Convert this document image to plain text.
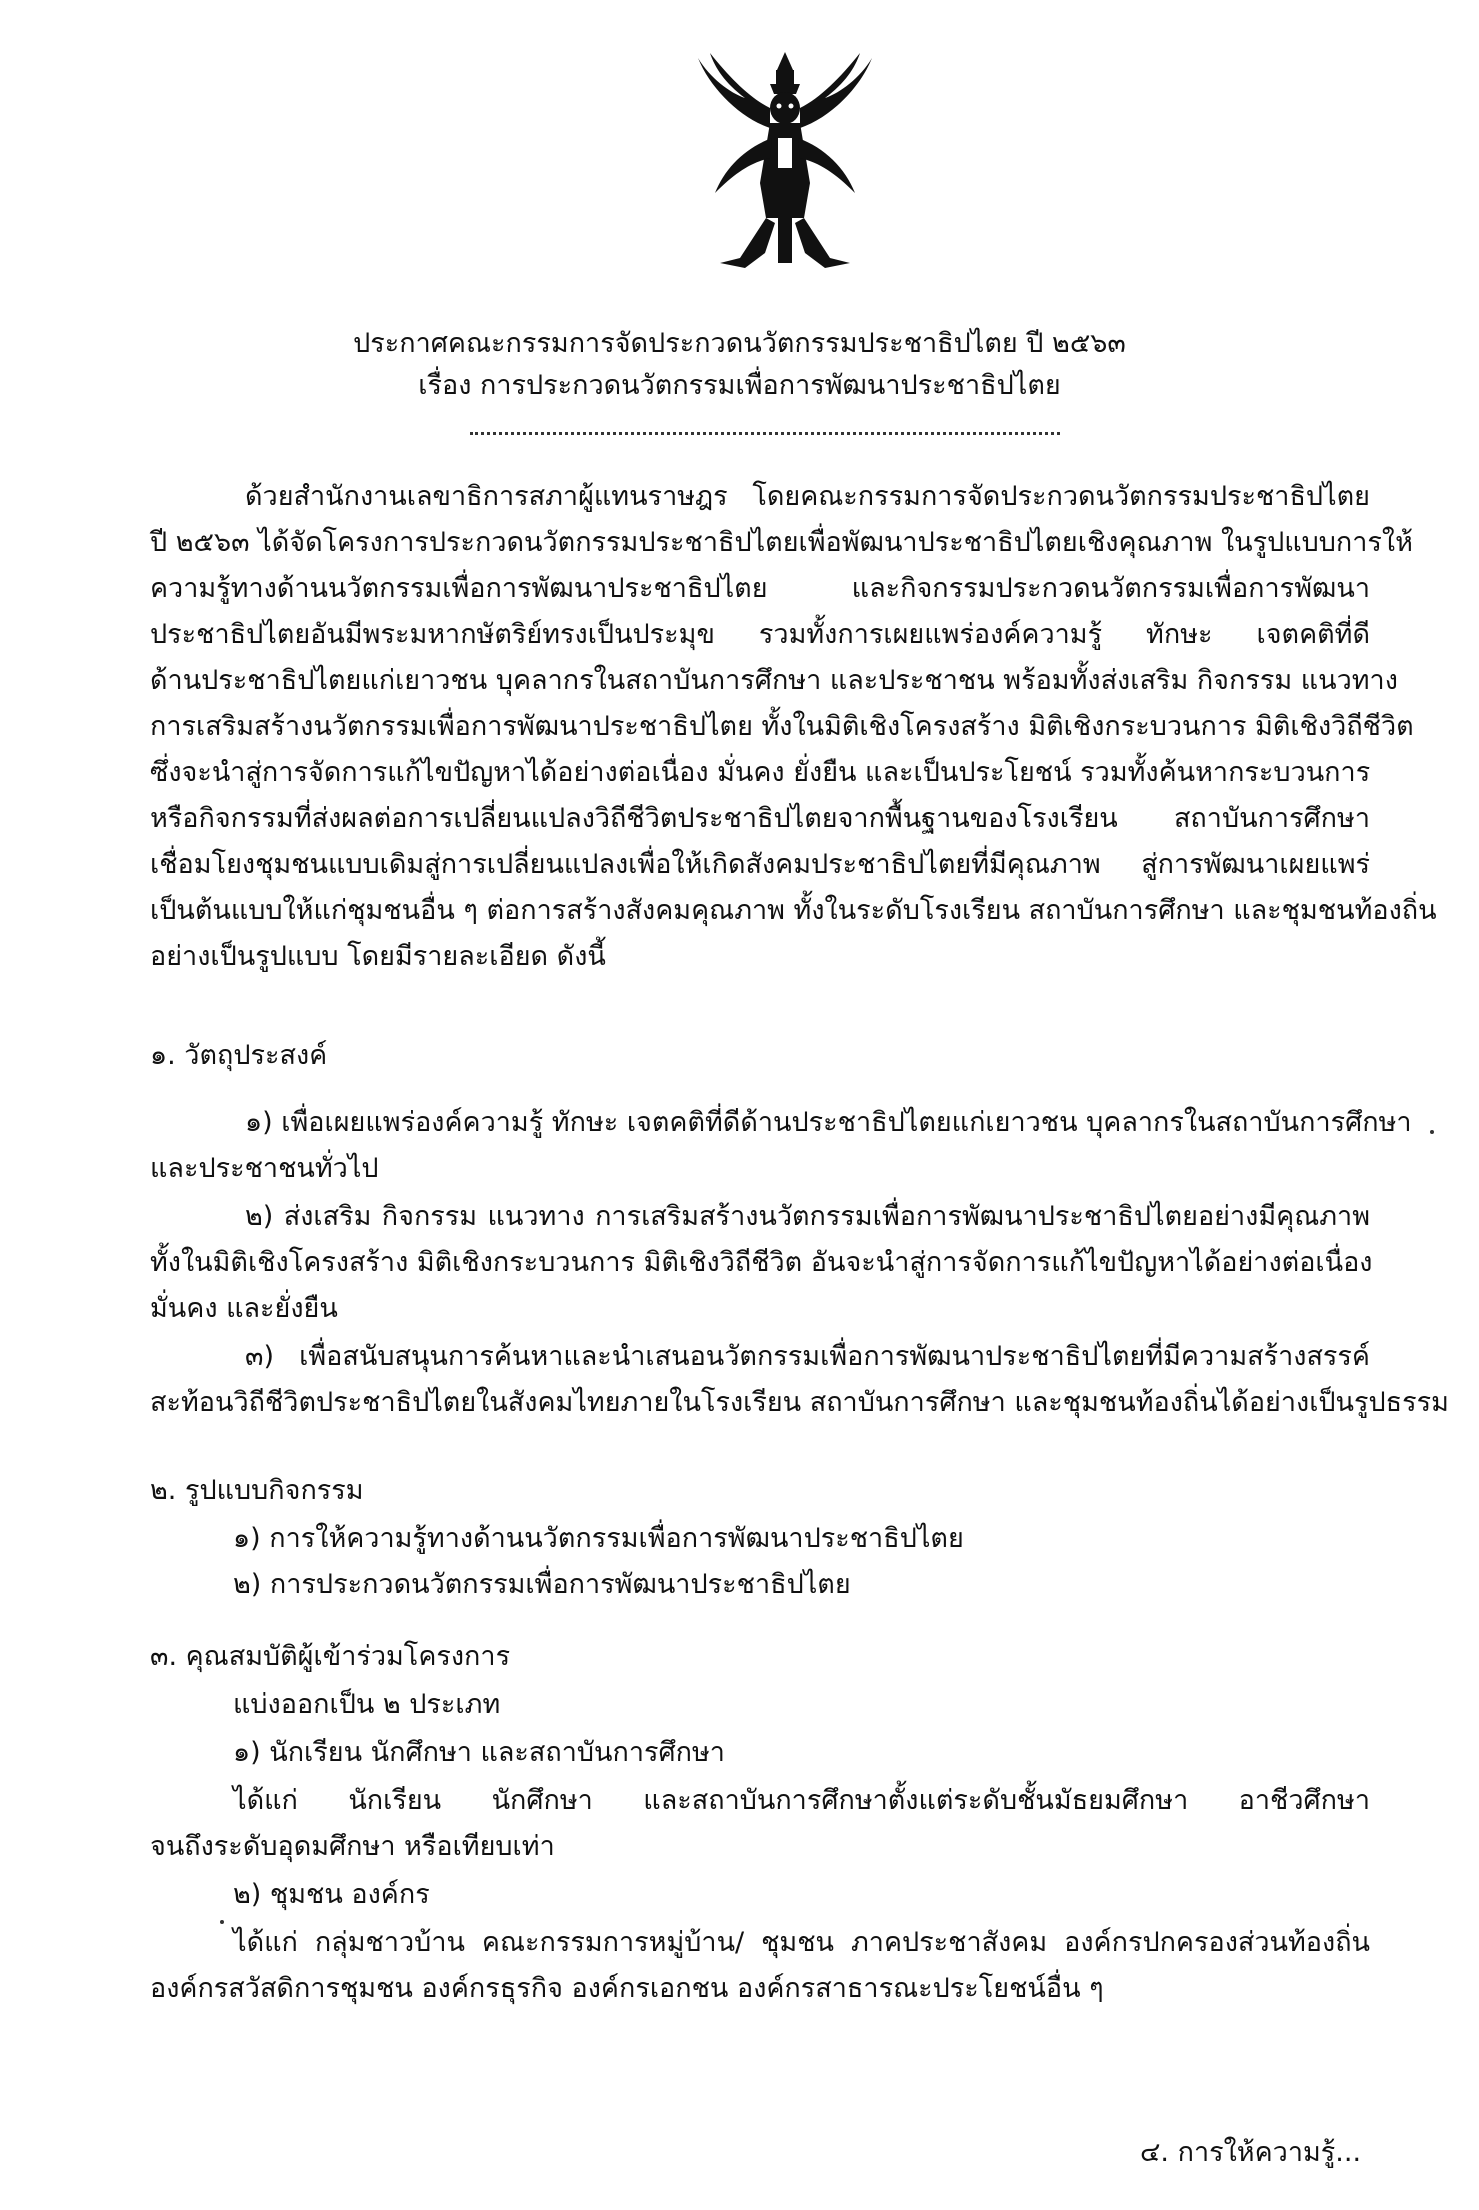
ประกาศคณะกรรมการจัดประกวดนวัตกรรมประชาธิปไตย ปี ๒๕๖๓
เรื่อง การประกวดนวัตกรรมเพื่อการพัฒนาประชาธิปไตย
ด้วยสำนักงานเลขาธิการสภาผู้แทนราษฎร โดยคณะกรรมการจัดประกวดนวัตกรรมประชาธิปไตย
ปี ๒๕๖๓ ได้จัดโครงการประกวดนวัตกรรมประชาธิปไตยเพื่อพัฒนาประชาธิปไตยเชิงคุณภาพ ในรูปแบบการให้
ความรู้ทางด้านนวัตกรรมเพื่อการพัฒนาประชาธิปไตย และกิจกรรมประกวดนวัตกรรมเพื่อการพัฒนา
ประชาธิปไตยอันมีพระมหากษัตริย์ทรงเป็นประมุข รวมทั้งการเผยแพร่องค์ความรู้ ทักษะ เจตคติที่ดี
ด้านประชาธิปไตยแก่เยาวชน บุคลากรในสถาบันการศึกษา และประชาชน พร้อมทั้งส่งเสริม กิจกรรม แนวทาง
การเสริมสร้างนวัตกรรมเพื่อการพัฒนาประชาธิปไตย ทั้งในมิติเชิงโครงสร้าง มิติเชิงกระบวนการ มิติเชิงวิถีชีวิต
ซึ่งจะนำสู่การจัดการแก้ไขปัญหาได้อย่างต่อเนื่อง มั่นคง ยั่งยืน และเป็นประโยชน์ รวมทั้งค้นหากระบวนการ
หรือกิจกรรมที่ส่งผลต่อการเปลี่ยนแปลงวิถีชีวิตประชาธิปไตยจากพื้นฐานของโรงเรียน สถาบันการศึกษา
เชื่อมโยงชุมชนแบบเดิมสู่การเปลี่ยนแปลงเพื่อให้เกิดสังคมประชาธิปไตยที่มีคุณภาพ สู่การพัฒนาเผยแพร่
เป็นต้นแบบให้แก่ชุมชนอื่น ๆ ต่อการสร้างสังคมคุณภาพ ทั้งในระดับโรงเรียน สถาบันการศึกษา และชุมชนท้องถิ่น
อย่างเป็นรูปแบบ โดยมีรายละเอียด ดังนี้
๑. วัตถุประสงค์
๑) เพื่อเผยแพร่องค์ความรู้ ทักษะ เจตคติที่ดีด้านประชาธิปไตยแก่เยาวชน บุคลากรในสถาบันการศึกษา
และประชาชนทั่วไป
๒) ส่งเสริม กิจกรรม แนวทาง การเสริมสร้างนวัตกรรมเพื่อการพัฒนาประชาธิปไตยอย่างมีคุณภาพ
ทั้งในมิติเชิงโครงสร้าง มิติเชิงกระบวนการ มิติเชิงวิถีชีวิต อันจะนำสู่การจัดการแก้ไขปัญหาได้อย่างต่อเนื่อง
มั่นคง และยั่งยืน
๓) เพื่อสนับสนุนการค้นหาและนำเสนอนวัตกรรมเพื่อการพัฒนาประชาธิปไตยที่มีความสร้างสรรค์
สะท้อนวิถีชีวิตประชาธิปไตยในสังคมไทยภายในโรงเรียน สถาบันการศึกษา และชุมชนท้องถิ่นได้อย่างเป็นรูปธรรม
๒. รูปแบบกิจกรรม
๑) การให้ความรู้ทางด้านนวัตกรรมเพื่อการพัฒนาประชาธิปไตย
๒) การประกวดนวัตกรรมเพื่อการพัฒนาประชาธิปไตย
๓. คุณสมบัติผู้เข้าร่วมโครงการ
แบ่งออกเป็น ๒ ประเภท
๑) นักเรียน นักศึกษา และสถาบันการศึกษา
ได้แก่ นักเรียน นักศึกษา และสถาบันการศึกษาตั้งแต่ระดับชั้นมัธยมศึกษา อาชีวศึกษา
จนถึงระดับอุดมศึกษา หรือเทียบเท่า
๒) ชุมชน องค์กร
ได้แก่ กลุ่มชาวบ้าน คณะกรรมการหมู่บ้าน/ ชุมชน ภาคประชาสังคม องค์กรปกครองส่วนท้องถิ่น
องค์กรสวัสดิการชุมชน องค์กรธุรกิจ องค์กรเอกชน องค์กรสาธารณะประโยชน์อื่น ๆ
๔. การให้ความรู้...
